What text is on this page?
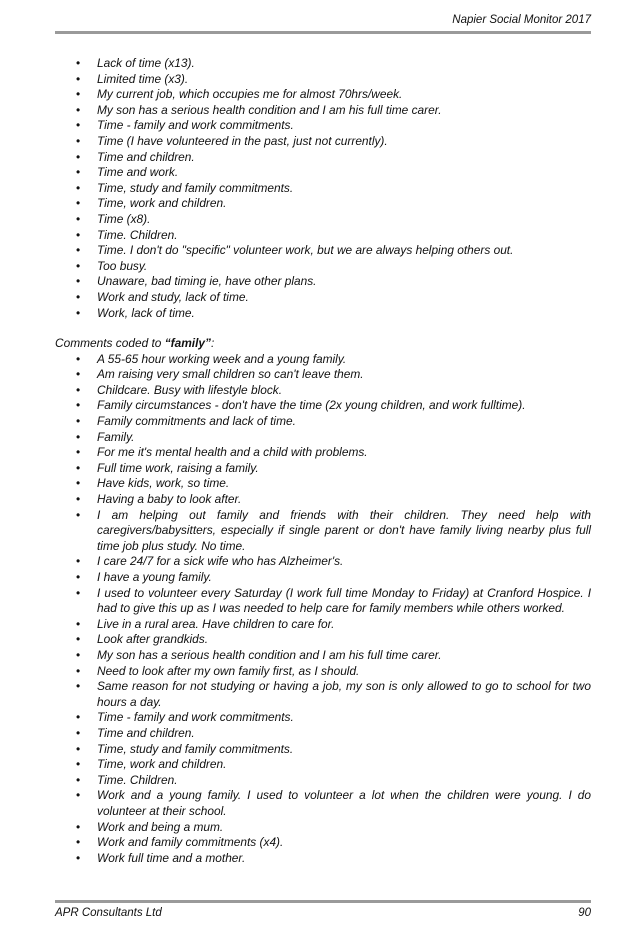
Napier Social Monitor 2017
• Lack of time (x13).
• Limited time (x3).
• My current job, which occupies me for almost 70hrs/week.
• My son has a serious health condition and I am his full time carer.
• Time - family and work commitments.
• Time (I have volunteered in the past, just not currently).
• Time and children.
• Time and work.
• Time, study and family commitments.
• Time, work and children.
• Time (x8).
• Time. Children.
• Time. I don't do "specific" volunteer work, but we are always helping others out.
• Too busy.
• Unaware, bad timing ie, have other plans.
• Work and study, lack of time.
• Work, lack of time.
Comments coded to “family”:
• A 55-65 hour working week and a young family.
• Am raising very small children so can't leave them.
• Childcare. Busy with lifestyle block.
• Family circumstances - don't have the time (2x young children, and work fulltime).
• Family commitments and lack of time.
• Family.
• For me it's mental health and a child with problems.
• Full time work, raising a family.
• Have kids, work, so time.
• Having a baby to look after.
• I am helping out family and friends with their children. They need help with caregivers/babysitters, especially if single parent or don't have family living nearby plus full time job plus study. No time.
• I care 24/7 for a sick wife who has Alzheimer's.
• I have a young family.
• I used to volunteer every Saturday (I work full time Monday to Friday) at Cranford Hospice. I had to give this up as I was needed to help care for family members while others worked.
• Live in a rural area. Have children to care for.
• Look after grandkids.
• My son has a serious health condition and I am his full time carer.
• Need to look after my own family first, as I should.
• Same reason for not studying or having a job, my son is only allowed to go to school for two hours a day.
• Time - family and work commitments.
• Time and children.
• Time, study and family commitments.
• Time, work and children.
• Time. Children.
• Work and a young family. I used to volunteer a lot when the children were young. I do volunteer at their school.
• Work and being a mum.
• Work and family commitments (x4).
• Work full time and a mother.
APR Consultants Ltd	90
